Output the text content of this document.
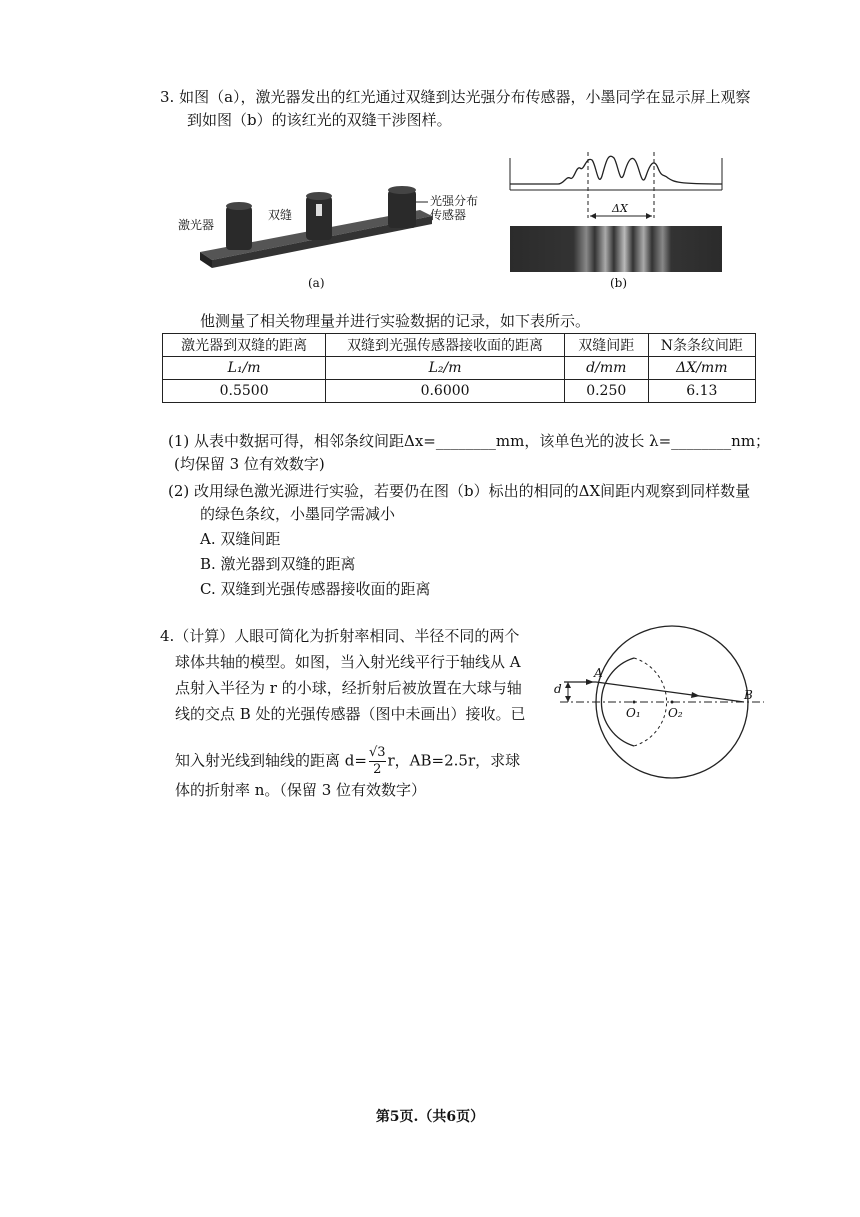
3. 如图（a），激光器发出的红光通过双缝到达光强分布传感器，小墨同学在显示屏上观察
到如图（b）的该红光的双缝干涉图样。
激光器
双缝
光强分布
传感器
(a)
ΔX
(b)
他测量了相关物理量并进行实验数据的记录，如下表所示。
激光器到双缝的距离	双缝到光强传感器接收面的距离	双缝间距	N条条纹间距
L₁/m	L₂/m	d/mm	ΔX/mm
0.5500	0.6000	0.250	6.13
(1) 从表中数据可得，相邻条纹间距Δx=________mm，该单色光的波长 λ=________nm；
(均保留 3 位有效数字)
(2) 改用绿色激光源进行实验，若要仍在图（b）标出的相同的ΔX间距内观察到同样数量
的绿色条纹，小墨同学需减小
A. 双缝间距
B. 激光器到双缝的距离
C. 双缝到光强传感器接收面的距离
4.（计算）人眼可简化为折射率相同、半径不同的两个
球体共轴的模型。如图，当入射光线平行于轴线从 A
点射入半径为 r 的小球，经折射后被放置在大球与轴
线的交点 B 处的光强传感器（图中未画出）接收。已
知入射光线到轴线的距离 $d= \frac{√3}{2}$ r，AB=2.5r，求球
体的折射率 n。（保留 3 位有效数字）
A
B
d
O₁ O₂
第5页.（共6页）
